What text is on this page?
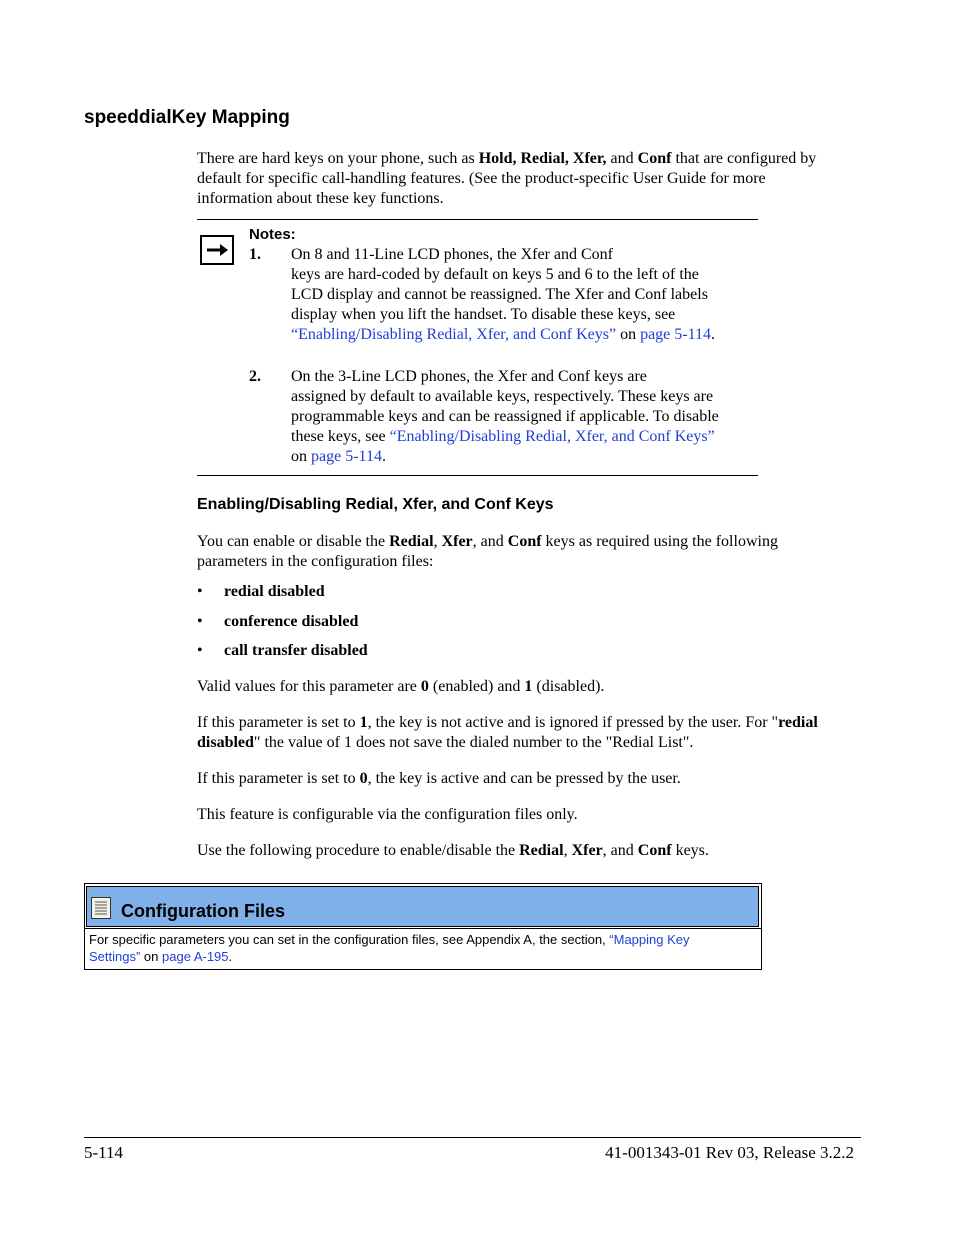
speeddialKey Mapping
There are hard keys on your phone, such as Hold, Redial, Xfer, and Conf that are configured by
default for specific call-handling features. (See the product-specific User Guide for more
information about these key functions.
Notes:
1. On 8 and 11-Line LCD phones, the Xfer and Conf
keys are hard-coded by default on keys 5 and 6 to the left of the
LCD display and cannot be reassigned. The Xfer and Conf labels
display when you lift the handset. To disable these keys, see
“Enabling/Disabling Redial, Xfer, and Conf Keys” on page 5-114.
2. On the 3-Line LCD phones, the Xfer and Conf keys are
assigned by default to available keys, respectively. These keys are
programmable keys and can be reassigned if applicable. To disable
these keys, see “Enabling/Disabling Redial, Xfer, and Conf Keys”
on page 5-114.
Enabling/Disabling Redial, Xfer, and Conf Keys
You can enable or disable the Redial, Xfer, and Conf keys as required using the following
parameters in the configuration files:
• redial disabled
• conference disabled
• call transfer disabled
Valid values for this parameter are 0 (enabled) and 1 (disabled).
If this parameter is set to 1, the key is not active and is ignored if pressed by the user. For "redial
disabled" the value of 1 does not save the dialed number to the "Redial List".
If this parameter is set to 0, the key is active and can be pressed by the user.
This feature is configurable via the configuration files only.
Use the following procedure to enable/disable the Redial, Xfer, and Conf keys.
Configuration Files
For specific parameters you can set in the configuration files, see Appendix A, the section, “Mapping Key
Settings” on page A-195.
5-114	41-001343-01 Rev 03, Release 3.2.2
